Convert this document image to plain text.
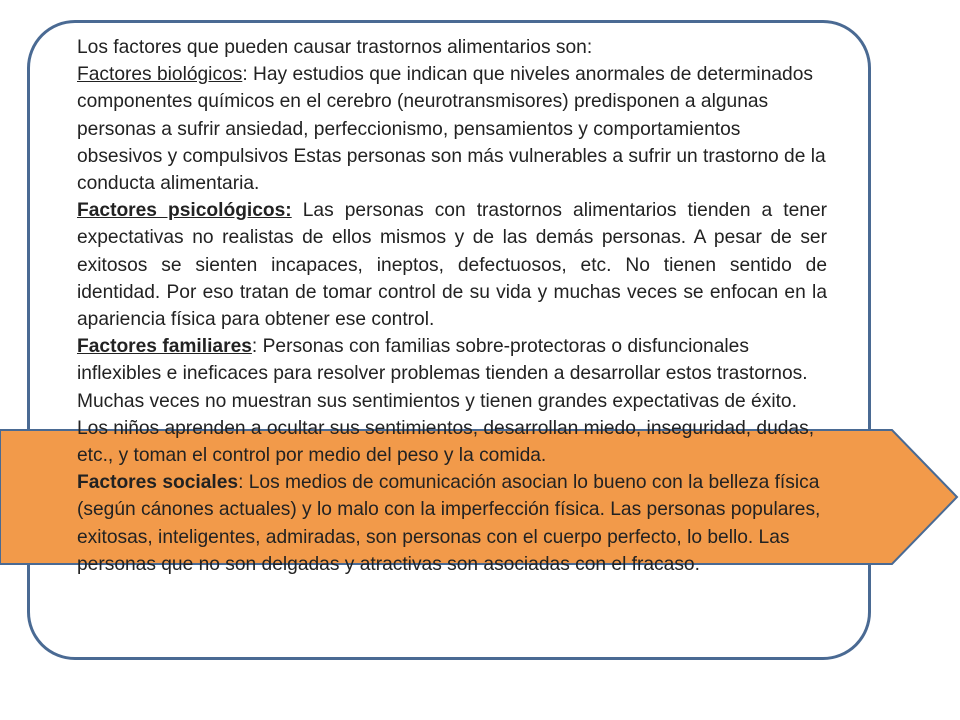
Los factores que pueden causar trastornos alimentarios son:

Factores biológicos: Hay estudios que indican que niveles anormales de determinados componentes químicos en el cerebro (neurotransmisores) predisponen a algunas personas a sufrir ansiedad, perfeccionismo, pensamientos y comportamientos obsesivos y compulsivos Estas personas son más vulnerables a sufrir un trastorno de la conducta alimentaria.

Factores psicológicos: Las personas con trastornos alimentarios tienden a tener expectativas no realistas de ellos mismos y de las demás personas. A pesar de ser exitosos se sienten incapaces, ineptos, defectuosos, etc. No tienen sentido de identidad. Por eso tratan de tomar control de su vida y muchas veces se enfocan en la apariencia física para obtener ese control.

Factores familiares: Personas con familias sobre-protectoras o disfuncionales inflexibles e ineficaces para resolver problemas tienden a desarrollar estos trastornos. Muchas veces no muestran sus sentimientos y tienen grandes expectativas de éxito. Los niños aprenden a ocultar sus sentimientos, desarrollan miedo, inseguridad, dudas, etc., y toman el control por medio del peso y la comida.

Factores sociales: Los medios de comunicación asocian lo bueno con la belleza física (según cánones actuales) y lo malo con la imperfección física. Las personas populares, exitosas, inteligentes, admiradas, son personas con el cuerpo perfecto, lo bello. Las personas que no son delgadas y atractivas son asociadas con el fracaso.
